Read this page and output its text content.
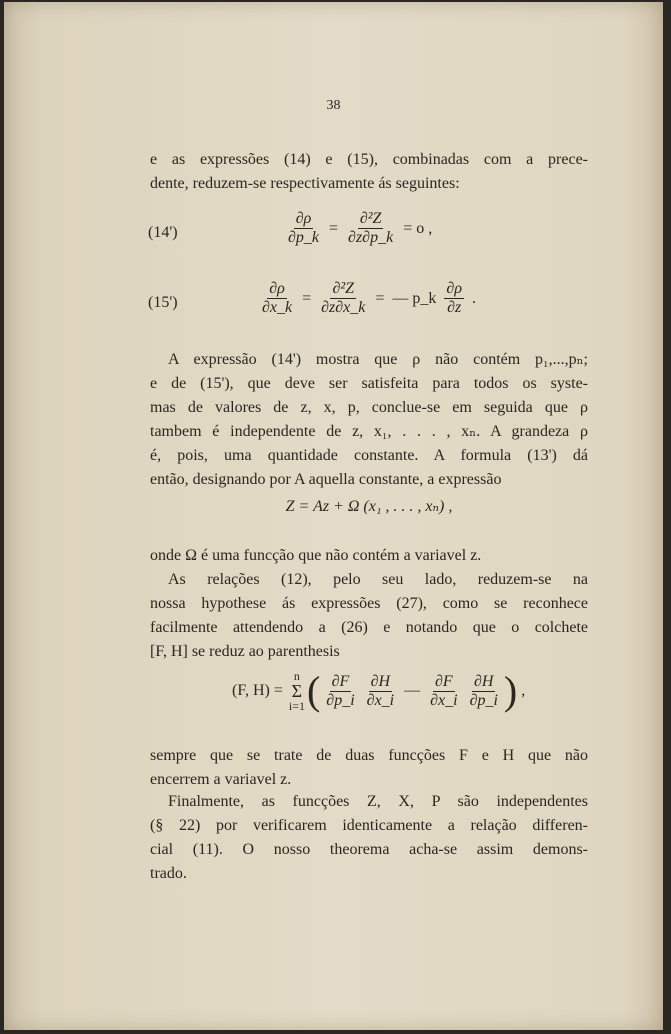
38
e as expressões (14) e (15), combinadas com a prece-
dente, reduzem-se respectivamente ás seguintes:
(14')	$\frac{\partial\rho}{\partial p\_k} = \frac{\text{∂²Z}}{\partial z\partial p\_k} = o$ ,
(15')	$\frac{\partial\rho}{\partial x\_k} = \frac{\text{∂²Z}}{\partial z\partial x\_k}$ = — p_k $\frac{\partial\rho}{\partial z}$ .
A expressão (14') mostra que ρ não contém p₁,...,pₙ;
e de (15'), que deve ser satisfeita para todos os syste-
mas de valores de z, x, p, conclue-se em seguida que ρ
tambem é independente de z, x₁, . . . , xₙ. A grandeza ρ
é, pois, uma quantidade constante. A formula (13') dá
então, designando por A aquella constante, a expressão
Z = Az + Ω (x₁ , . . . , xₙ) ,
onde Ω é uma funcção que não contém a variavel z.
As relações (12), pelo seu lado, reduzem-se na
nossa hypothese ás expressões (27), como se reconhece
facilmente attendendo a (26) e notando que o colchete
[F, H] se reduz ao parenthesis
(F, H) =
n
Σ
i=1 ( $\frac{\partial F}{\partial p\_i} \frac{\partial H}{\partial x\_i}$ — $\frac{\partial F}{\partial x\_i} \frac{\partial H}{\partial p\_i}$ ) ,
sempre que se trate de duas funcções F e H que não
encerrem a variavel z.
Finalmente, as funcções Z, X, P são independentes
(§ 22) por verificarem identicamente a relação differen-
cial (11). O nosso theorema acha-se assim demons-
trado.
